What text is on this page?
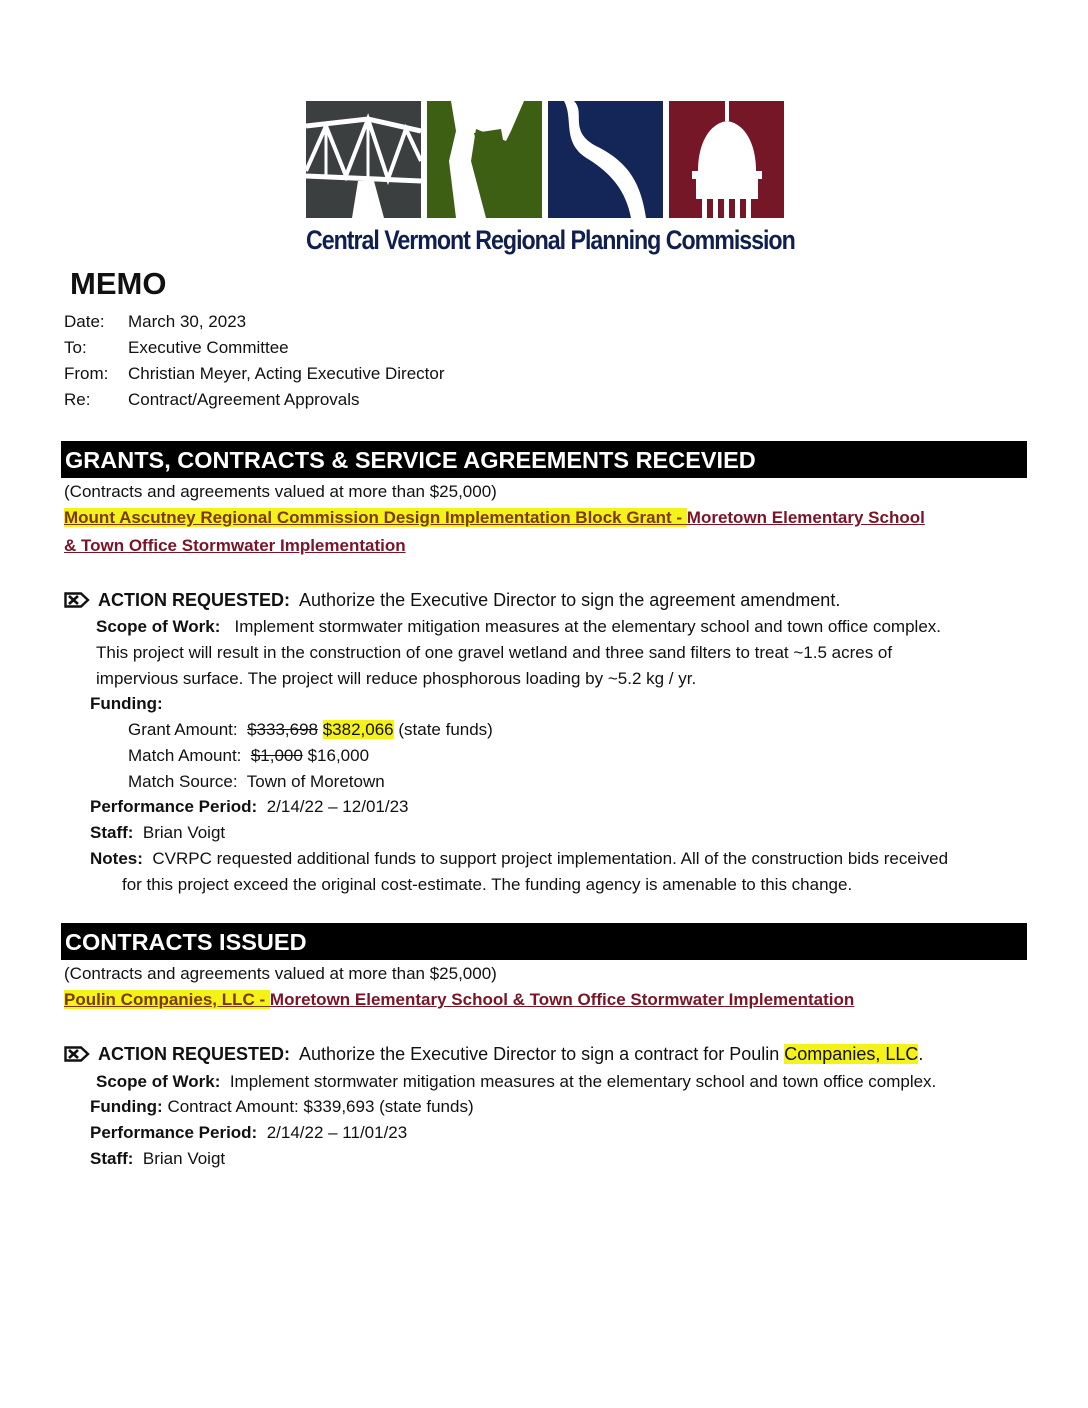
Central Vermont Regional Planning Commission
MEMO
Date: March 30, 2023
To: Executive Committee
From: Christian Meyer, Acting Executive Director
Re: Contract/Agreement Approvals
GRANTS, CONTRACTS & SERVICE AGREEMENTS RECEVIED
(Contracts and agreements valued at more than $25,000)
Mount Ascutney Regional Commission Design Implementation Block Grant - Moretown Elementary School
& Town Office Stormwater Implementation
ACTION REQUESTED: Authorize the Executive Director to sign the agreement amendment.
Scope of Work: Implement stormwater mitigation measures at the elementary school and town office complex.
This project will result in the construction of one gravel wetland and three sand filters to treat ~1.5 acres of
impervious surface. The project will reduce phosphorous loading by ~5.2 kg / yr.
Funding:
Grant Amount: $333,698 $382,066 (state funds)
Match Amount: $1,000 $16,000
Match Source: Town of Moretown
Performance Period: 2/14/22 – 12/01/23
Staff: Brian Voigt
Notes: CVRPC requested additional funds to support project implementation. All of the construction bids received
for this project exceed the original cost-estimate. The funding agency is amenable to this change.
CONTRACTS ISSUED
(Contracts and agreements valued at more than $25,000)
Poulin Companies, LLC - Moretown Elementary School & Town Office Stormwater Implementation
ACTION REQUESTED: Authorize the Executive Director to sign a contract for Poulin Companies, LLC.
Scope of Work: Implement stormwater mitigation measures at the elementary school and town office complex.
Funding: Contract Amount: $339,693 (state funds)
Performance Period: 2/14/22 – 11/01/23
Staff: Brian Voigt
